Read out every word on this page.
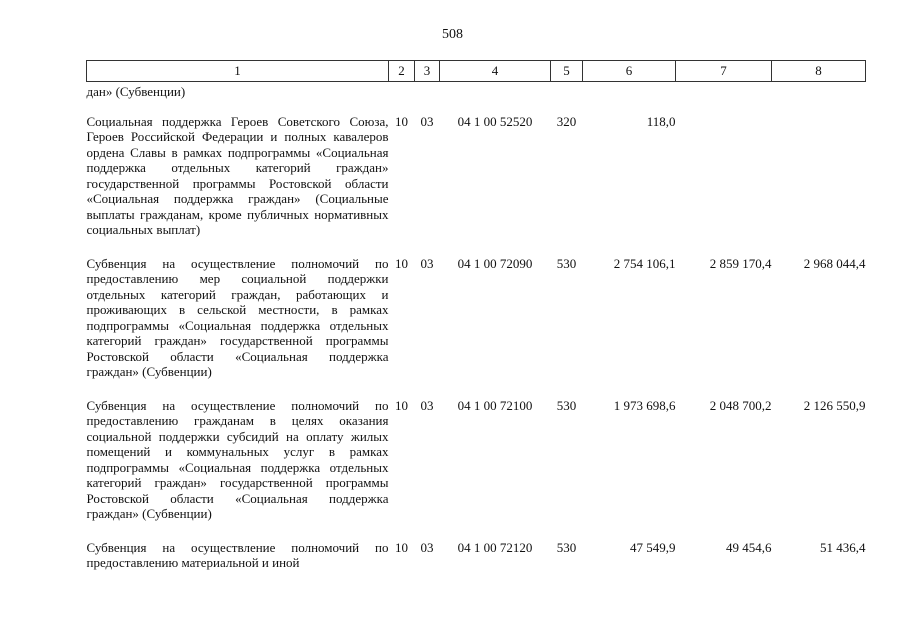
508
1	2	3	4	5	6	7	8
дан» (Субвенции)							
Социальная поддержка Героев Советского Союза, Героев Российской Федерации и полных кавалеров ордена Славы в рамках подпрограммы «Социальная поддержка отдельных категорий граждан» государственной программы Ростовской области «Социальная поддержка граждан» (Социальные выплаты гражданам, кроме публичных нормативных социальных выплат)	10	03	04 1 00 52520	320	118,0		
Субвенция на осуществление полномочий по предоставлению мер социальной поддержки отдельных категорий граждан, работающих и проживающих в сельской местности, в рамках подпрограммы «Социальная поддержка отдельных категорий граждан» государственной программы Ростовской области «Социальная поддержка граждан» (Субвенции)	10	03	04 1 00 72090	530	2 754 106,1	2 859 170,4	2 968 044,4
Субвенция на осуществление полномочий по предоставлению гражданам в целях оказания социальной поддержки субсидий на оплату жилых помещений и коммунальных услуг в рамках подпрограммы «Социальная поддержка отдельных категорий граждан» государственной программы Ростовской области «Социальная поддержка граждан» (Субвенции)	10	03	04 1 00 72100	530	1 973 698,6	2 048 700,2	2 126 550,9
Субвенция на осуществление полномочий по предоставлению материальной и иной	10	03	04 1 00 72120	530	47 549,9	49 454,6	51 436,4
